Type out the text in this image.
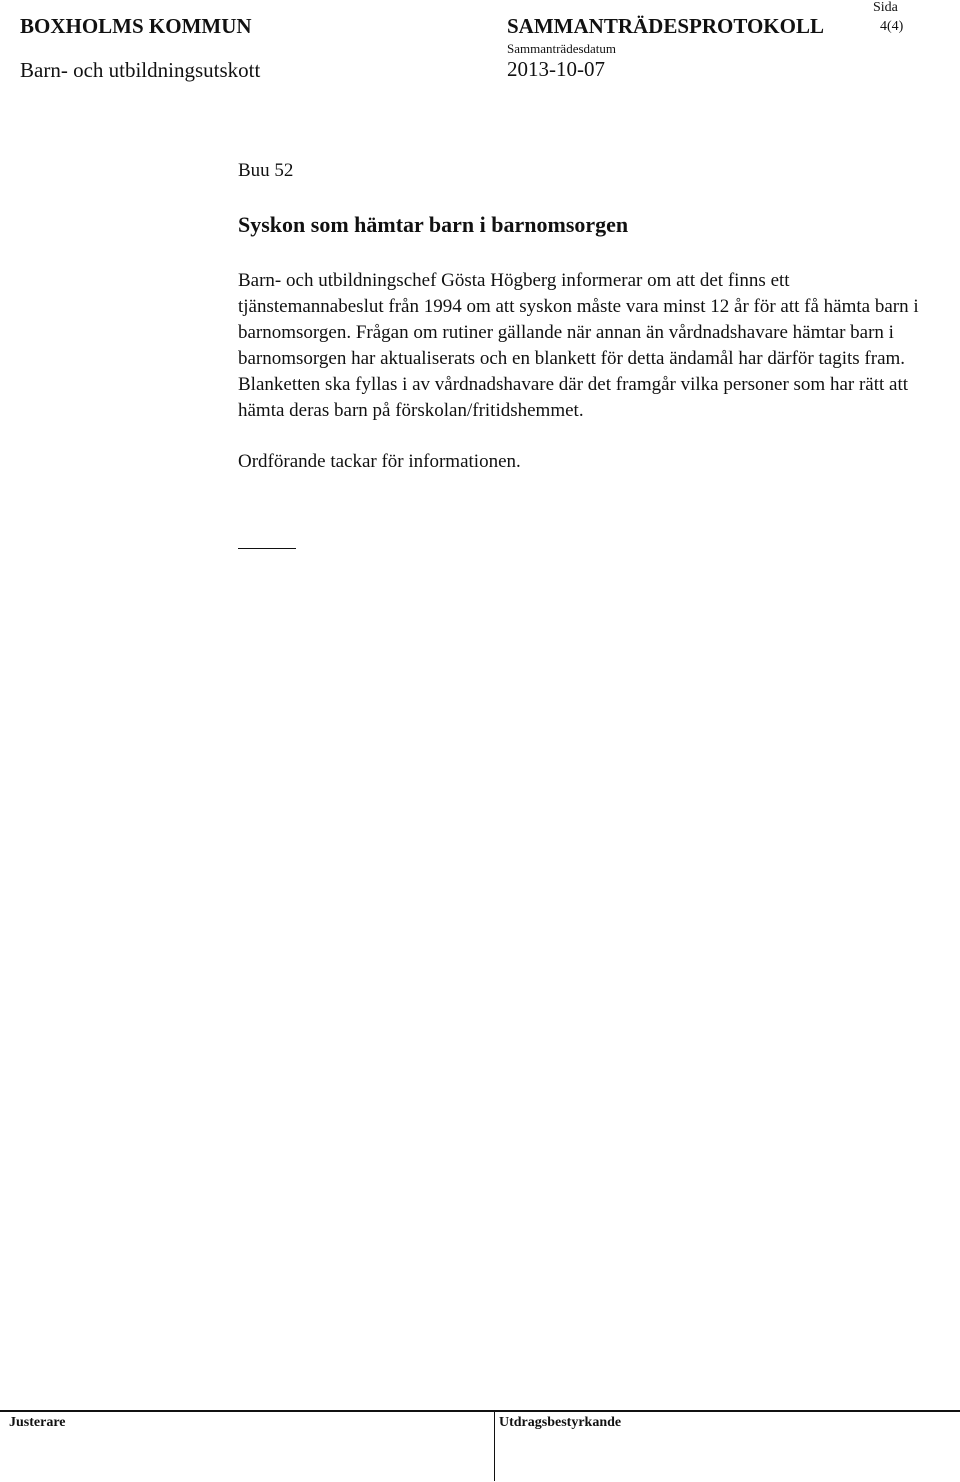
BOXHOLMS KOMMUN	SAMMANTRÄDESPROTOKOLL
Sida
4(4)
Barn- och utbildningsutskott
Sammanträdesdatum
2013-10-07
Buu 52
Syskon som hämtar barn i barnomsorgen

Barn- och utbildningschef Gösta Högberg informerar om att det finns ett tjänstemannabeslut från 1994 om att syskon måste vara minst 12 år för att få hämta barn i barnomsorgen. Frågan om rutiner gällande när annan än vårdnadshavare hämtar barn i barnomsorgen har aktualiserats och en blankett för detta ändamål har därför tagits fram. Blanketten ska fyllas i av vårdnadshavare där det framgår vilka personer som har rätt att hämta deras barn på förskolan/fritidshemmet.

Ordförande tackar för informationen.

Justerare	Utdragsbestyrkande
